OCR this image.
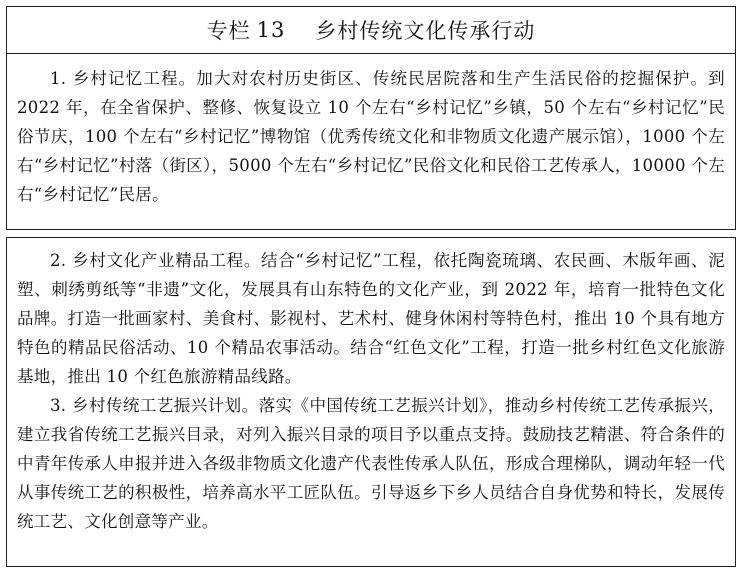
专栏 13 乡村传统文化传承行动

1. 乡村记忆工程。加大对农村历史街区、传统民居院落和生产生活民俗的挖掘保护。到 2022 年，在全省保护、整修、恢复设立 10 个左右“乡村记忆”乡镇，50 个左右“乡村记忆”民俗节庆，100 个左右“乡村记忆”博物馆（优秀传统文化和非物质文化遗产展示馆），1000 个左右“乡村记忆”村落（街区），5000 个左右“乡村记忆”民俗文化和民俗工艺传承人，10000 个左右“乡村记忆”民居。

2. 乡村文化产业精品工程。结合“乡村记忆”工程，依托陶瓷琉璃、农民画、木版年画、泥塑、刺绣剪纸等“非遗”文化，发展具有山东特色的文化产业，到 2022 年，培育一批特色文化品牌。打造一批画家村、美食村、影视村、艺术村、健身休闲村等特色村，推出 10 个具有地方特色的精品民俗活动、10 个精品农事活动。结合“红色文化”工程，打造一批乡村红色文化旅游基地，推出 10 个红色旅游精品线路。

3. 乡村传统工艺振兴计划。落实《中国传统工艺振兴计划》，推动乡村传统工艺传承振兴，建立我省传统工艺振兴目录，对列入振兴目录的项目予以重点支持。鼓励技艺精湛、符合条件的中青年传承人申报并进入各级非物质文化遗产代表性传承人队伍，形成合理梯队，调动年轻一代从事传统工艺的积极性，培养高水平工匠队伍。引导返乡下乡人员结合自身优势和特长，发展传统工艺、文化创意等产业。
